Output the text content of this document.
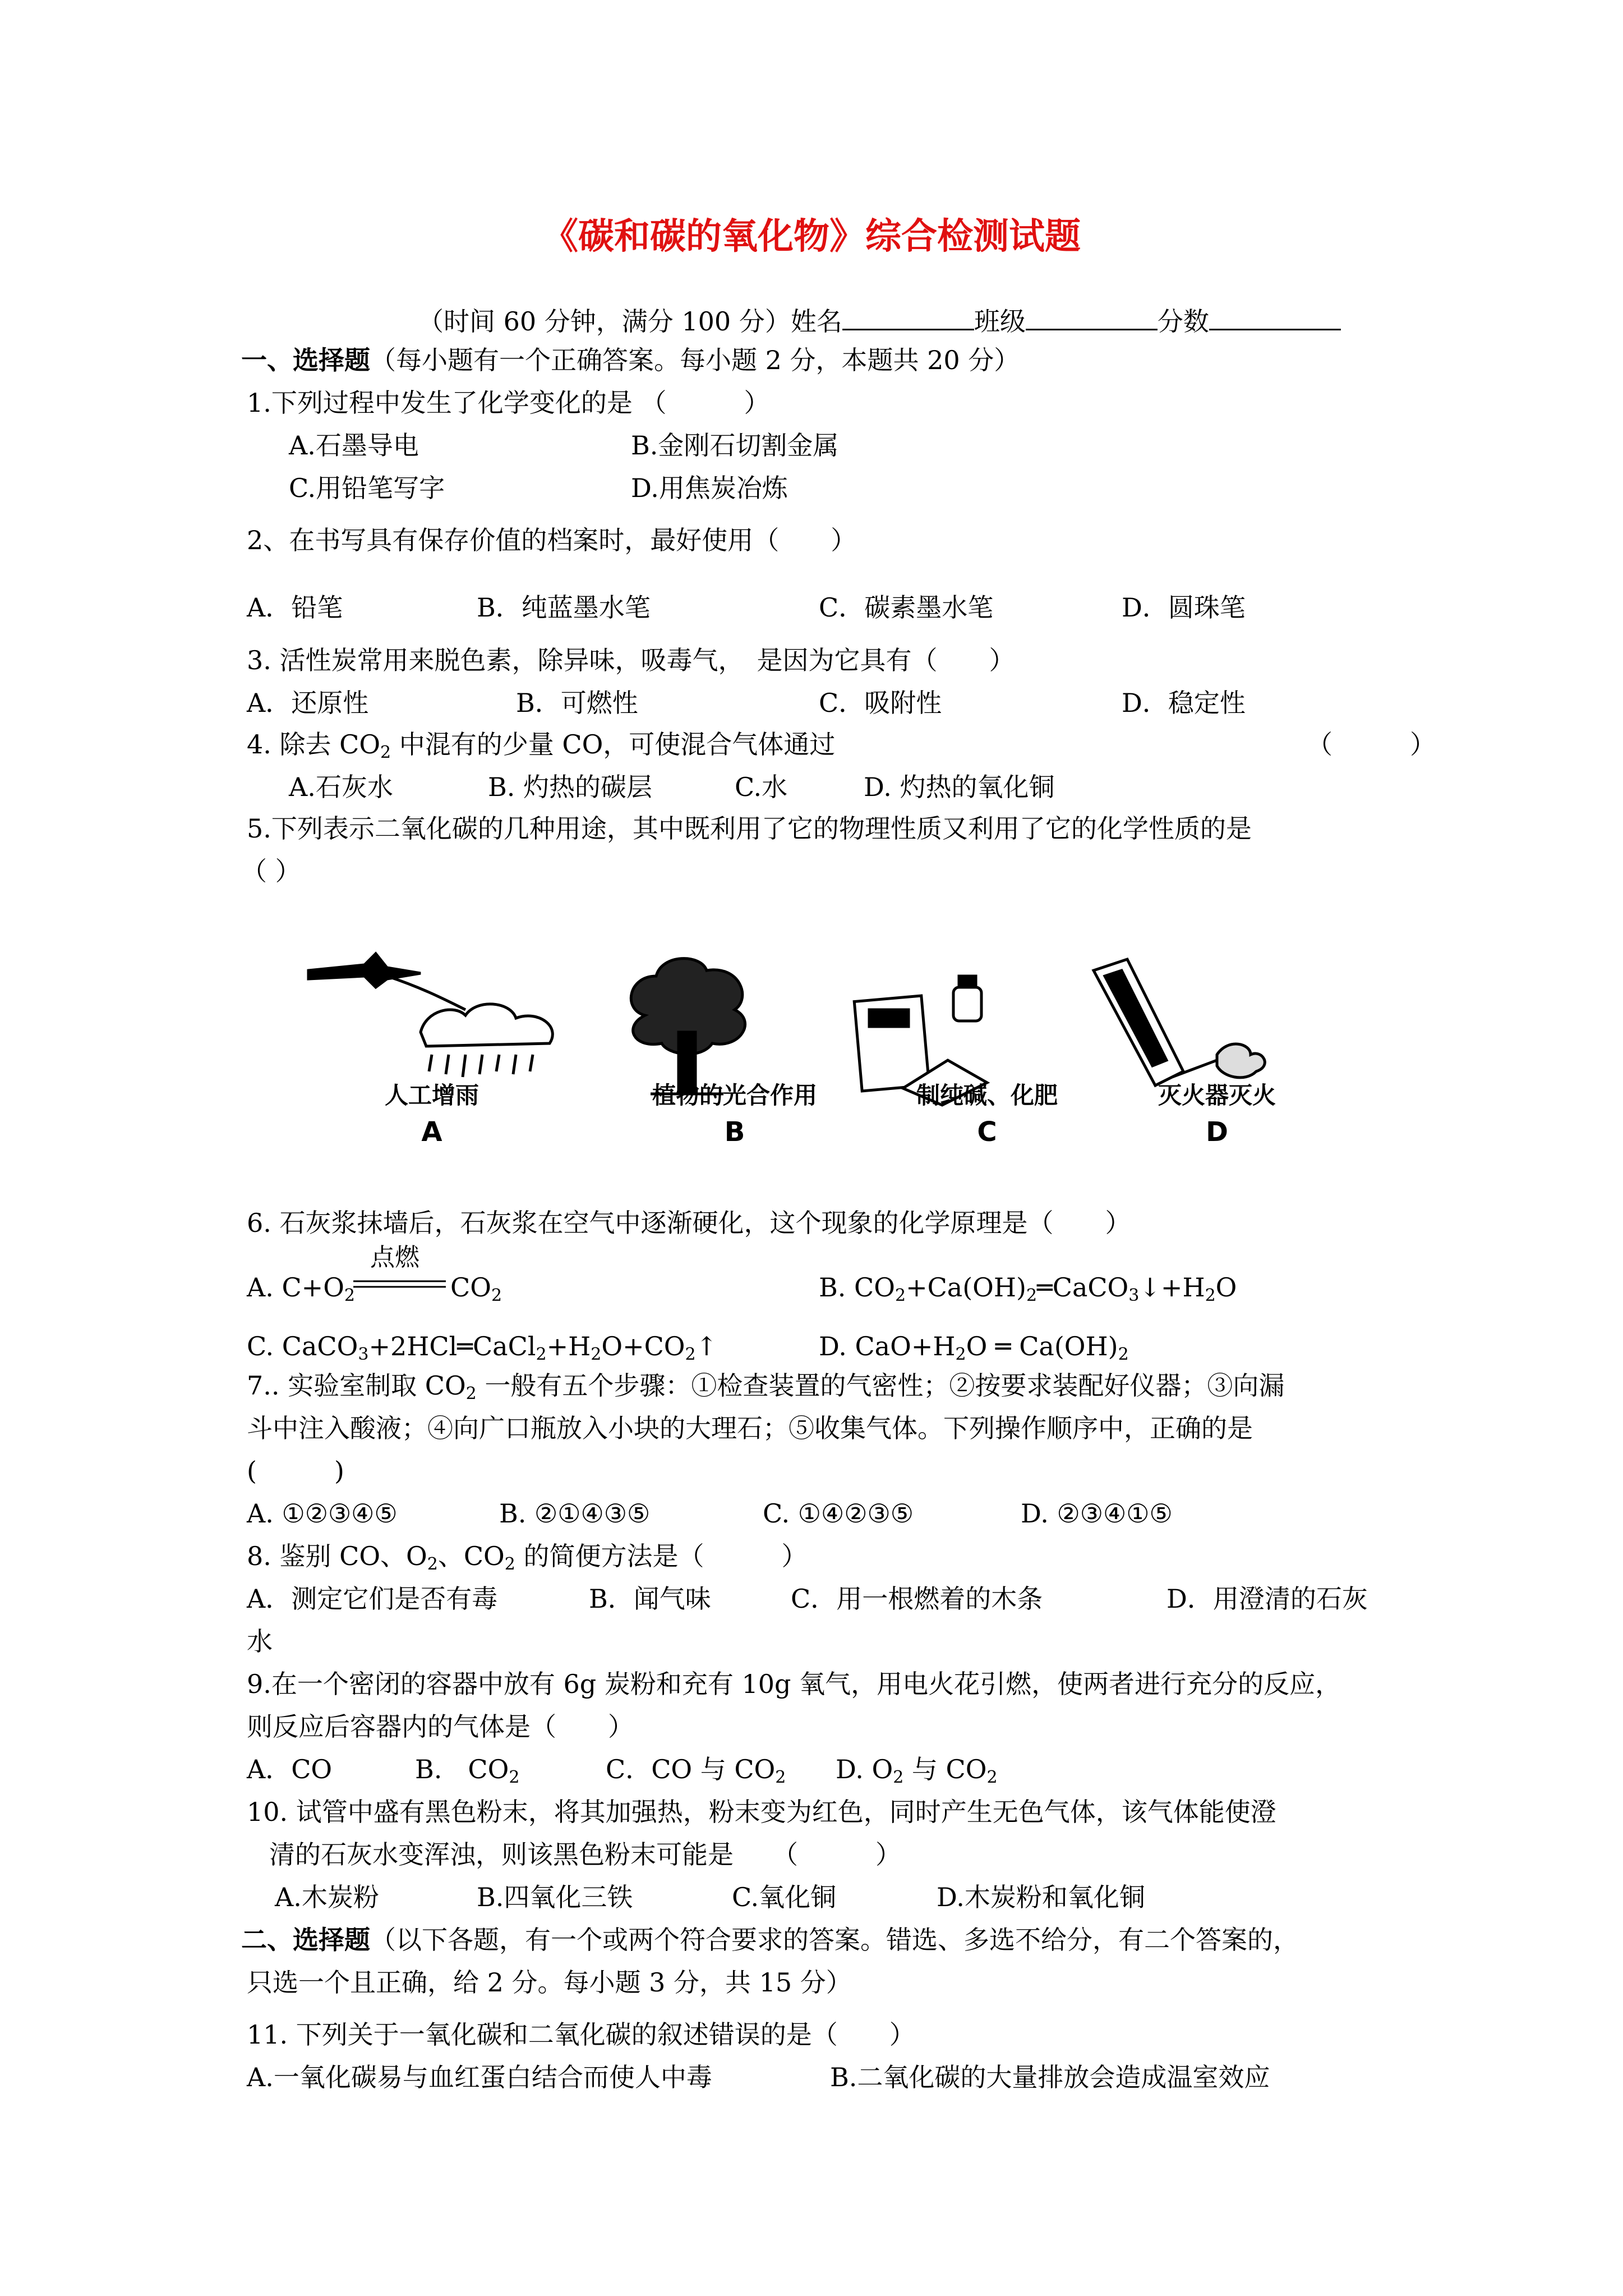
《碳和碳的氧化物》综合检测试题
（时间 60 分钟，满分 100 分）姓名	班级	分数
一、选择题（每小题有一个正确答案。每小题 2 分，本题共 20 分）
1.下列过程中发生了化学变化的是 （　　　）
A.石墨导电	B.金刚石切割金属
C.用铅笔写字	D.用焦炭冶炼
2、在书写具有保存价值的档案时，最好使用（　　）
A．铅笔	B．纯蓝墨水笔	C．碳素墨水笔	D．圆珠笔
3. 活性炭常用来脱色素，除异味，吸毒气，　是因为它具有（　　）
A．还原性	B．可燃性	C．吸附性	D．稳定性
4. 除去 $CO_2$ 中混有的少量 CO，可使混合气体通过	（　　　）
A.石灰水	B. 灼热的碳层	C.水	D. 灼热的氧化铜
5.下列表示二氧化碳的几种用途，其中既利用了它的物理性质又利用了它的化学性质的是
（ ）
人工增雨	植物的光合作用	制纯碱、化肥	灭火器灭火
A	B	C	D
6. 石灰浆抹墙后，石灰浆在空气中逐渐硬化，这个现象的化学原理是（　　）
A. $C+O_2$	$CO_2$
点燃
B. $CO_2+Ca(OH)_2═CaCO_3↓+H_2O$
C. $CaCO_3+2HCl═CaCl_2+H_2O+CO_2↑$	D. $CaO+H_2O$ ═ $Ca(OH)_2$
7.. 实验室制取 $CO_2$ 一般有五个步骤：①检查装置的气密性；②按要求装配好仪器；③向漏
斗中注入酸液；④向广口瓶放入小块的大理石；⑤收集气体。下列操作顺序中，正确的是
(　　　)
A. ①②③④⑤	B. ②①④③⑤	C. ①④②③⑤	D. ②③④①⑤
8. 鉴别 CO、$O_2$、$CO_2$ 的简便方法是（　　　）
A．测定它们是否有毒	B．闻气味	C．用一根燃着的木条	D．用澄清的石灰
水
9.在一个密闭的容器中放有 6g 炭粉和充有 10g 氧气，用电火花引燃，使两者进行充分的反应，
则反应后容器内的气体是（　　）
A．CO	B.　$CO_2$	C．CO 与 $CO_2$ D. $O_2$ 与 $CO_2$
10. 试管中盛有黑色粉末，将其加强热，粉末变为红色，同时产生无色气体，该气体能使澄
清的石灰水变浑浊，则该黑色粉末可能是　　（　　　）
A.木炭粉	B.四氧化三铁	C.氧化铜	D.木炭粉和氧化铜
二、选择题（以下各题，有一个或两个符合要求的答案。错选、多选不给分，有二个答案的，
只选一个且正确，给 2 分。每小题 3 分，共 15 分）
11. 下列关于一氧化碳和二氧化碳的叙述错误的是（　　）
A.一氧化碳易与血红蛋白结合而使人中毒	B.二氧化碳的大量排放会造成温室效应
